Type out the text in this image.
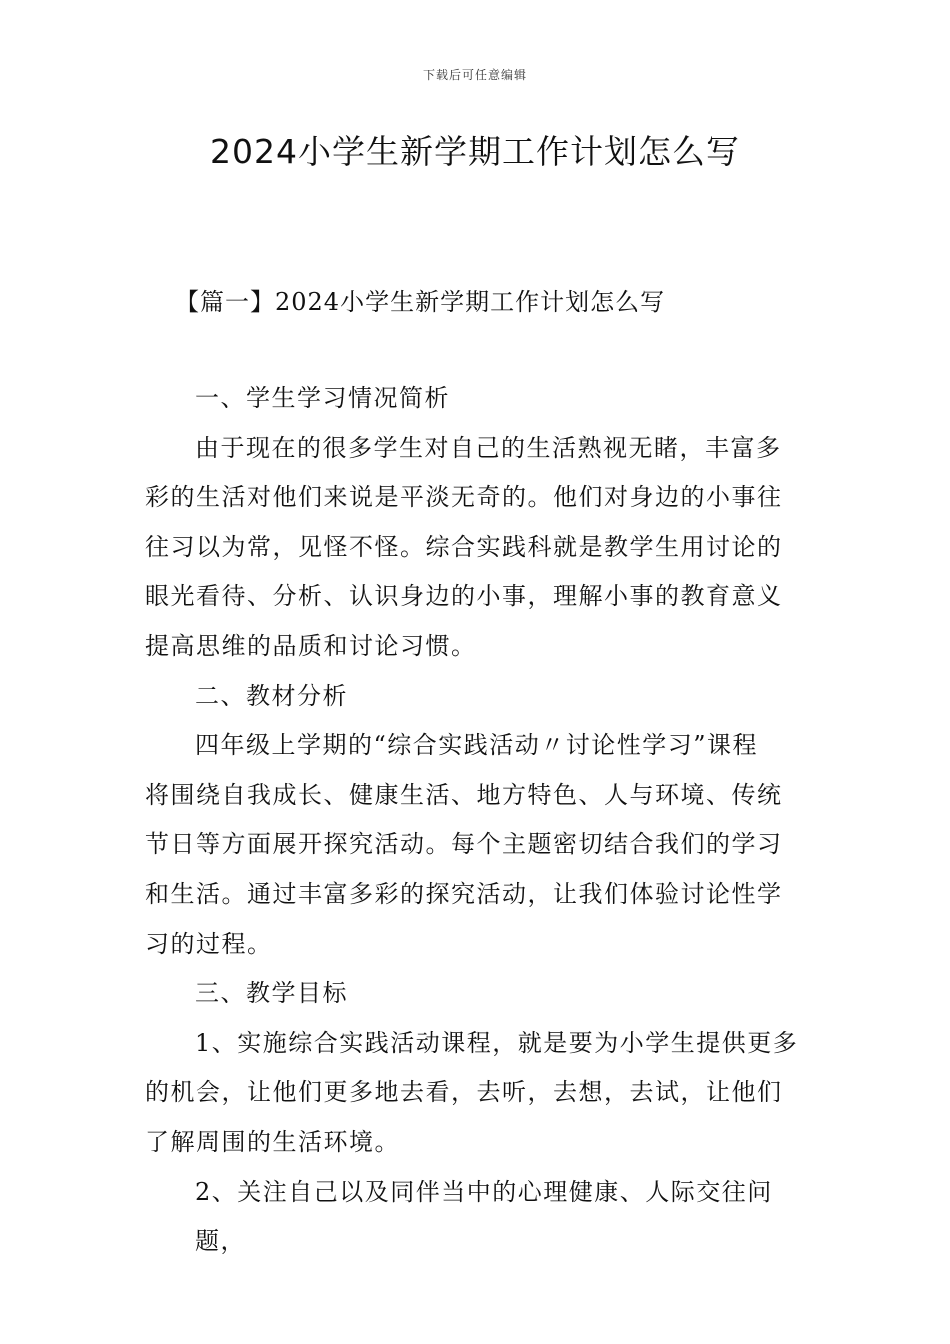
下载后可任意编辑
2024小学生新学期工作计划怎么写
【篇一】2024小学生新学期工作计划怎么写
一、学生学习情况简析
由于现在的很多学生对自己的生活熟视无睹，丰富多
彩的生活对他们来说是平淡无奇的。他们对身边的小事往
往习以为常，见怪不怪。综合实践科就是教学生用讨论的
眼光看待、分析、认识身边的小事，理解小事的教育意义
提高思维的品质和讨论习惯。
二、教材分析
四年级上学期的“综合实践活动〃讨论性学习”课程
将围绕自我成长、健康生活、地方特色、人与环境、传统
节日等方面展开探究活动。每个主题密切结合我们的学习
和生活。通过丰富多彩的探究活动，让我们体验讨论性学
习的过程。
三、教学目标
1、实施综合实践活动课程，就是要为小学生提供更多
的机会，让他们更多地去看，去听，去想，去试，让他们
了解周围的生活环境。
2、关注自己以及同伴当中的心理健康、人际交往问题，
